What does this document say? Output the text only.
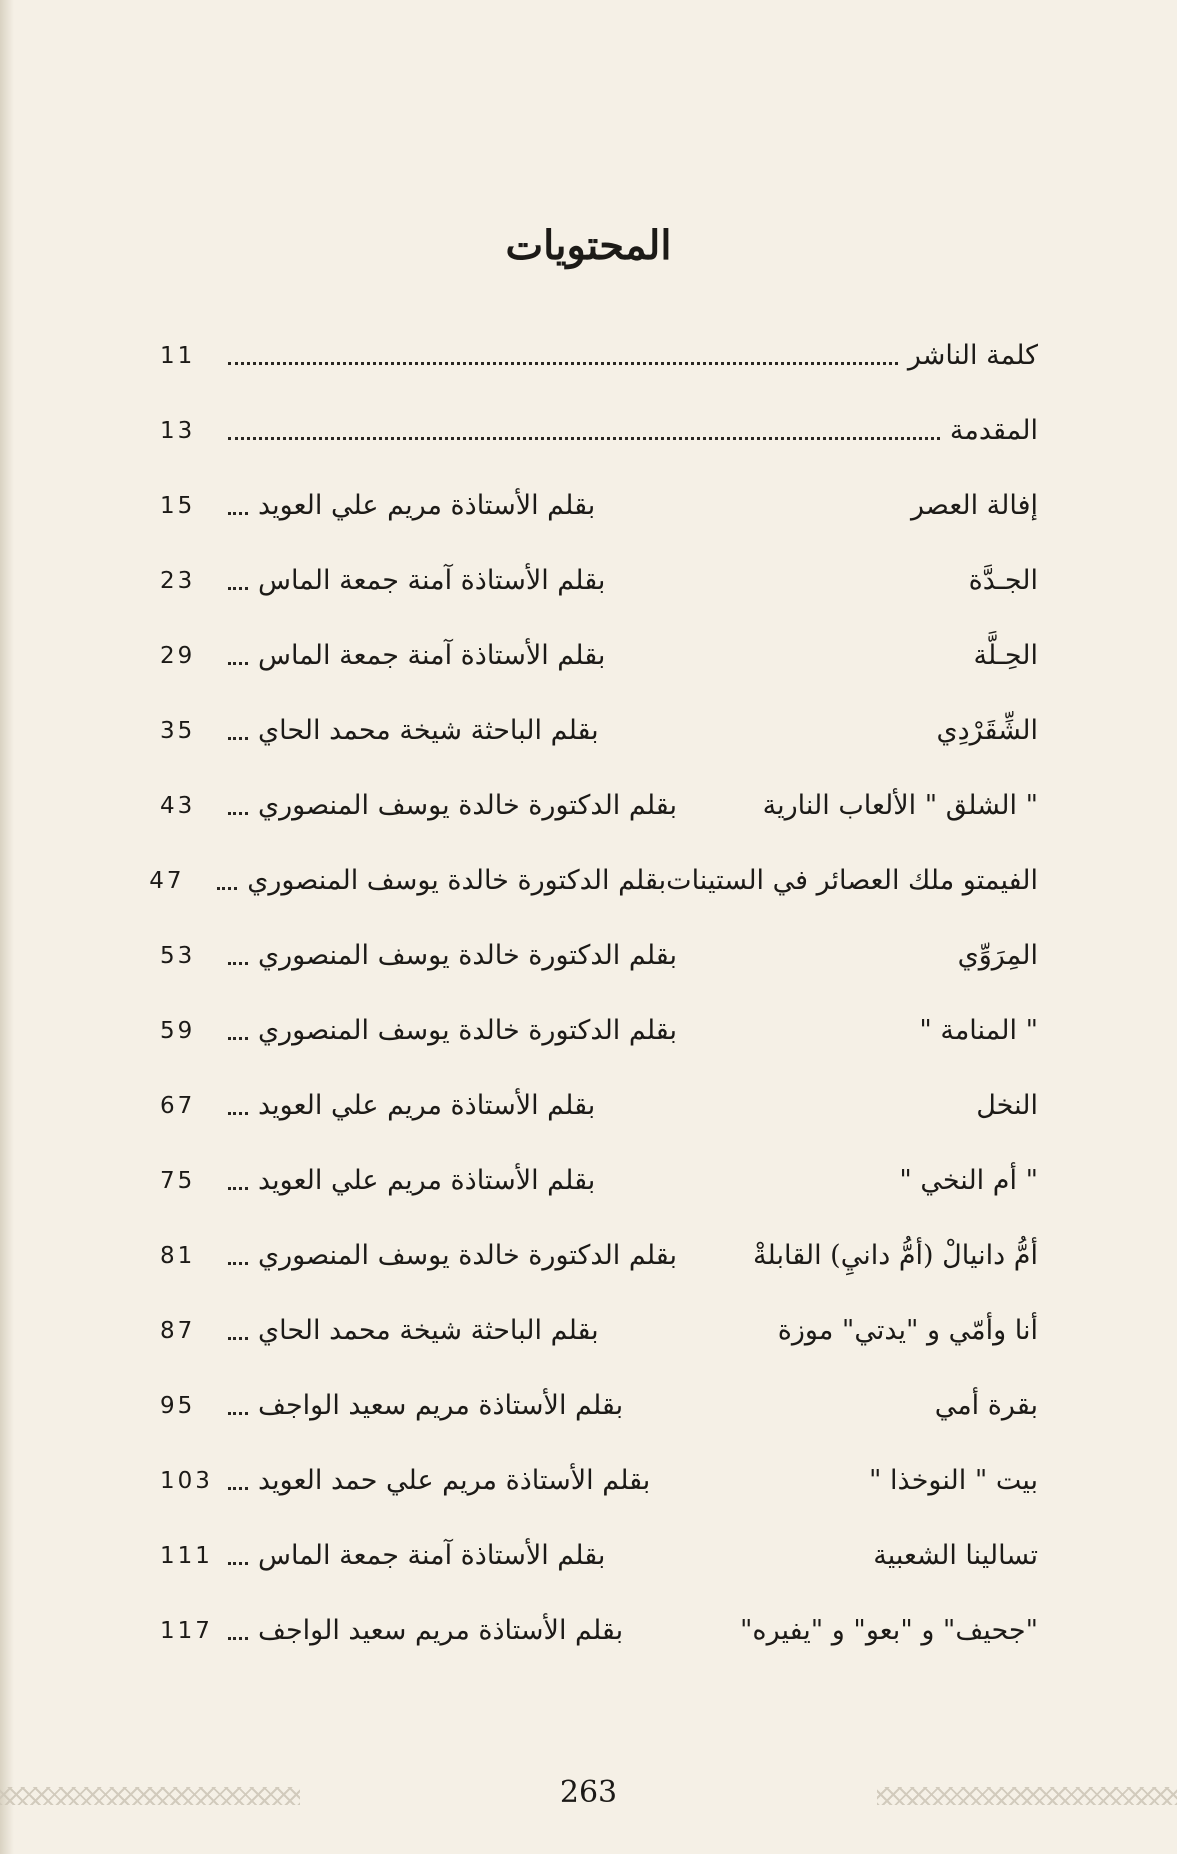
المحتويات
كلمة الناشر
11
المقدمة
13
إفالة العصر
بقلم الأستاذة مريم علي العويد
15
الجـدَّة
بقلم الأستاذة آمنة جمعة الماس
23
الحِـلَّة
بقلم الأستاذة آمنة جمعة الماس
29
الشِّقَرْدِي
بقلم الباحثة شيخة محمد الحاي
35
" الشلق " الألعاب النارية
بقلم الدكتورة خالدة يوسف المنصوري
43
الفيمتو ملك العصائر في الستينات
بقلم الدكتورة خالدة يوسف المنصوري
47
المِرَوِّي
بقلم الدكتورة خالدة يوسف المنصوري
53
" المنامة "
بقلم الدكتورة خالدة يوسف المنصوري
59
النخل
بقلم الأستاذة مريم علي العويد
67
" أم النخي "
بقلم الأستاذة مريم علي العويد
75
أمُّ دانيالْ (أمُّ دانيِ) القابلةْ
بقلم الدكتورة خالدة يوسف المنصوري
81
أنا وأمّي و "يدتي" موزة
بقلم الباحثة شيخة محمد الحاي
87
بقرة أمي
بقلم الأستاذة مريم سعيد الواجف
95
بيت " النوخذا "
بقلم الأستاذة مريم علي حمد العويد
103
تسالينا الشعبية
بقلم الأستاذة آمنة جمعة الماس
111
"جحيف" و "بعو" و "يفيره"
بقلم الأستاذة مريم سعيد الواجف
117
263
